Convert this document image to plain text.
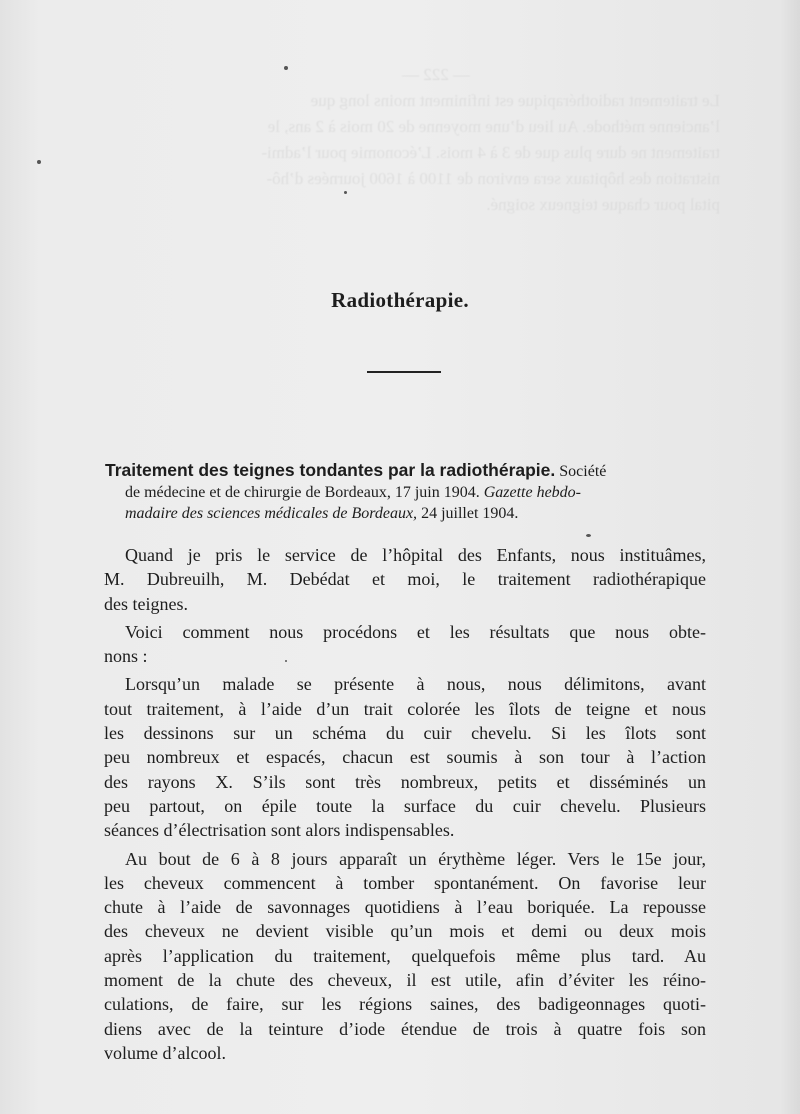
— 222 —
Le traitement radiothérapique est infiniment moins long que
l’ancienne méthode. Au lieu d’une moyenne de 20 mois à 2 ans, le
traitement ne dure plus que de 3 à 4 mois. L’économie pour l’admi-
nistration des hôpitaux sera environ de 1100 à 1600 journées d’hô-
pital pour chaque teigneux soigné.
Radiothérapie.
Traitement des teignes tondantes par la radiothérapie. Société
de médecine et de chirurgie de Bordeaux, 17 juin 1904. Gazette hebdo-
madaire des sciences médicales de Bordeaux, 24 juillet 1904.
Quand je pris le service de l’hôpital des Enfants, nous instituâmes,
M. Dubreuilh, M. Debédat et moi, le traitement radiothérapique
des teignes.
Voici comment nous procédons et les résultats que nous obte-
nons :
Lorsqu’un malade se présente à nous, nous délimitons, avant
tout traitement, à l’aide d’un trait colorée les îlots de teigne et nous
les dessinons sur un schéma du cuir chevelu. Si les îlots sont
peu nombreux et espacés, chacun est soumis à son tour à l’action
des rayons X. S’ils sont très nombreux, petits et disséminés un
peu partout, on épile toute la surface du cuir chevelu. Plusieurs
séances d’électrisation sont alors indispensables.
Au bout de 6 à 8 jours apparaît un érythème léger. Vers le 15e jour,
les cheveux commencent à tomber spontanément. On favorise leur
chute à l’aide de savonnages quotidiens à l’eau boriquée. La repousse
des cheveux ne devient visible qu’un mois et demi ou deux mois
après l’application du traitement, quelquefois même plus tard. Au
moment de la chute des cheveux, il est utile, afin d’éviter les réino-
culations, de faire, sur les régions saines, des badigeonnages quoti-
diens avec de la teinture d’iode étendue de trois à quatre fois son
volume d’alcool.
